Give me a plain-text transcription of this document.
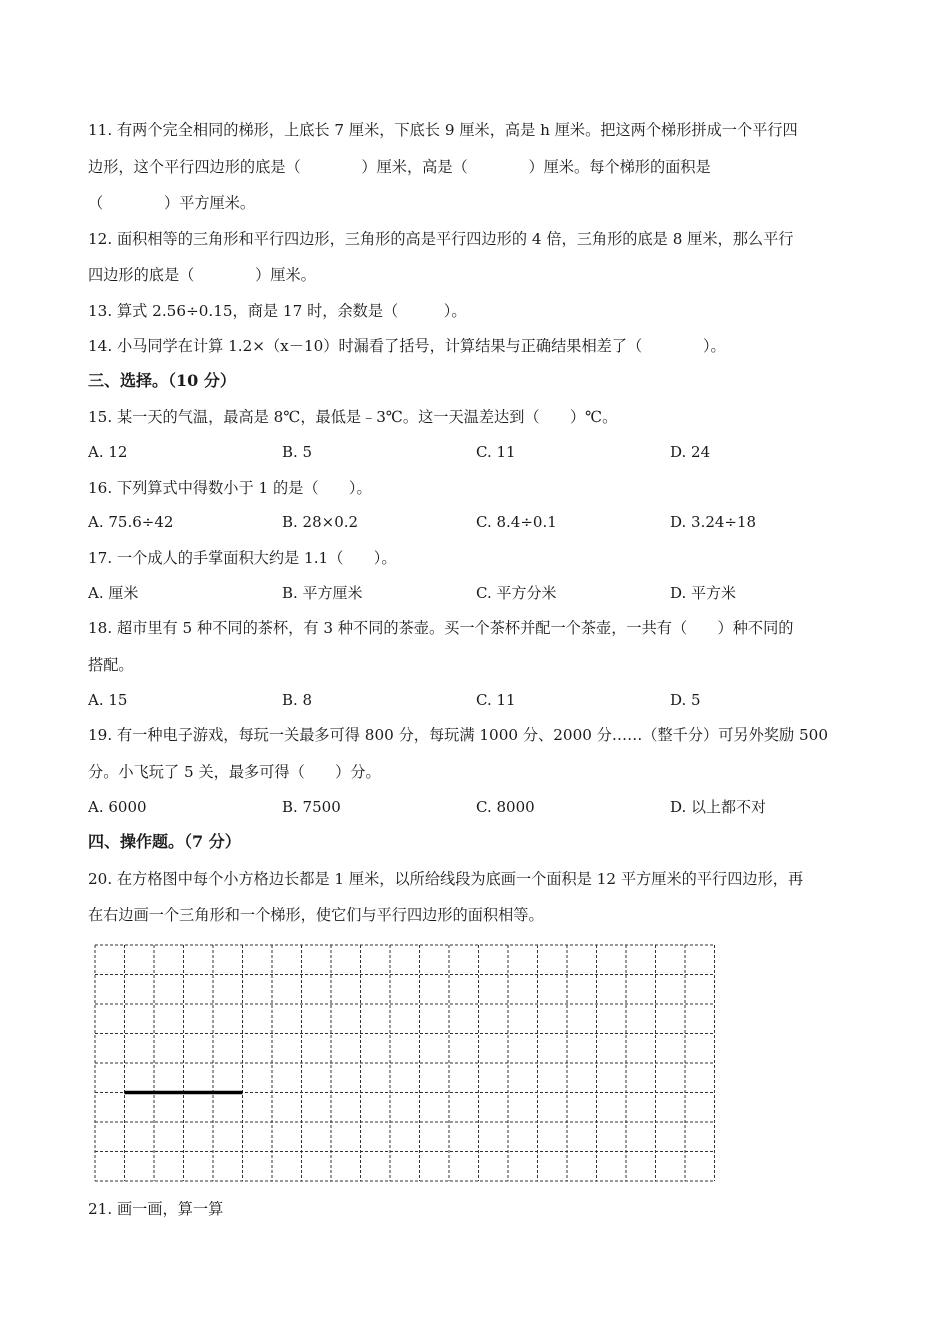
11. 有两个完全相同的梯形，上底长 7 厘米，下底长 9 厘米，高是 h 厘米。把这两个梯形拼成一个平行四
边形，这个平行四边形的底是（　　　　）厘米，高是（　　　　）厘米。每个梯形的面积是
（　　　　）平方厘米。
12. 面积相等的三角形和平行四边形，三角形的高是平行四边形的 4 倍，三角形的底是 8 厘米，那么平行
四边形的底是（　　　　）厘米。
13. 算式 2.56÷0.15，商是 17 时，余数是（　　　）。
14. 小马同学在计算 1.2×（x－10）时漏看了括号，计算结果与正确结果相差了（　　　　）。
三、选择。（10 分）
15. 某一天的气温，最高是 8℃，最低是﹣3℃。这一天温差达到（　　）℃。
A. 12	B. 5	C. 11	D. 24
16. 下列算式中得数小于 1 的是（　　）。
A. 75.6÷42	B. 28×0.2	C. 8.4÷0.1	D. 3.24÷18
17. 一个成人的手掌面积大约是 1.1（　　）。
A. 厘米	B. 平方厘米	C. 平方分米	D. 平方米
18. 超市里有 5 种不同的茶杯，有 3 种不同的茶壶。买一个茶杯并配一个茶壶，一共有（　　）种不同的
搭配。
A. 15	B. 8	C. 11	D. 5
19. 有一种电子游戏，每玩一关最多可得 800 分，每玩满 1000 分、2000 分……（整千分）可另外奖励 500
分。小飞玩了 5 关，最多可得（　　）分。
A. 6000	B. 7500	C. 8000	D. 以上都不对
四、操作题。（7 分）
20. 在方格图中每个小方格边长都是 1 厘米，以所给线段为底画一个面积是 12 平方厘米的平行四边形，再
在右边画一个三角形和一个梯形，使它们与平行四边形的面积相等。
21. 画一画，算一算
